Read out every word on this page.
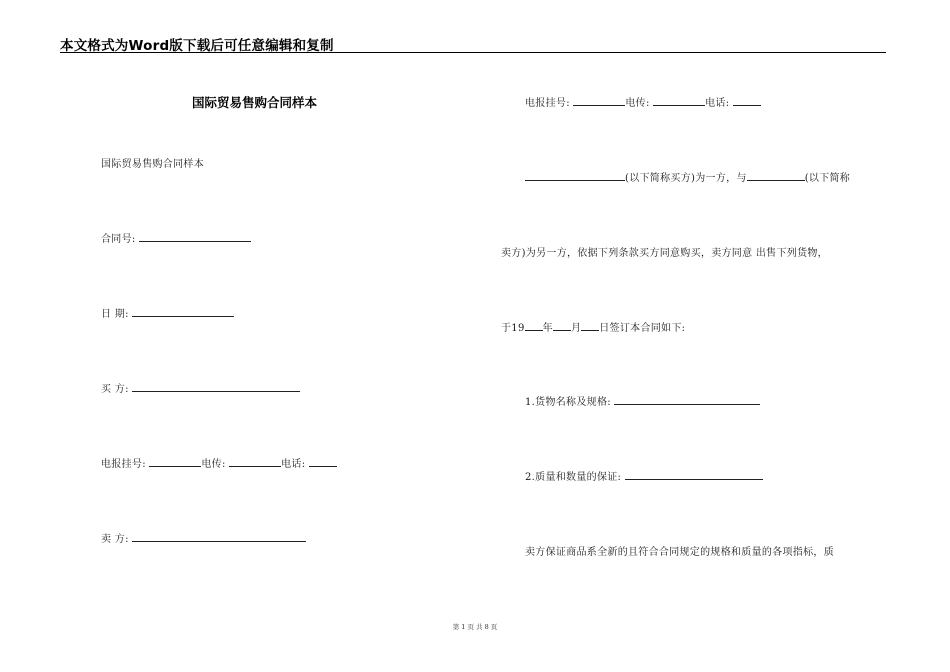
本文格式为Word版下载后可任意编辑和复制
国际贸易售购合同样本
国际贸易售购合同样本
合同号:
日 期:
买 方:
电报挂号:	电传:	电话:
卖 方:
电报挂号:	电传:	电话:
(以下简称买方)为一方，与	(以下简称
卖方)为另一方，依据下列条款买方同意购买，卖方同意 出售下列货物，
于19 年 月 日签订本合同如下:
1.货物名称及规格:
2.质量和数量的保证:
卖方保证商品系全新的且符合合同规定的规格和质量的各项指标，质
第 1 页 共 8 页
